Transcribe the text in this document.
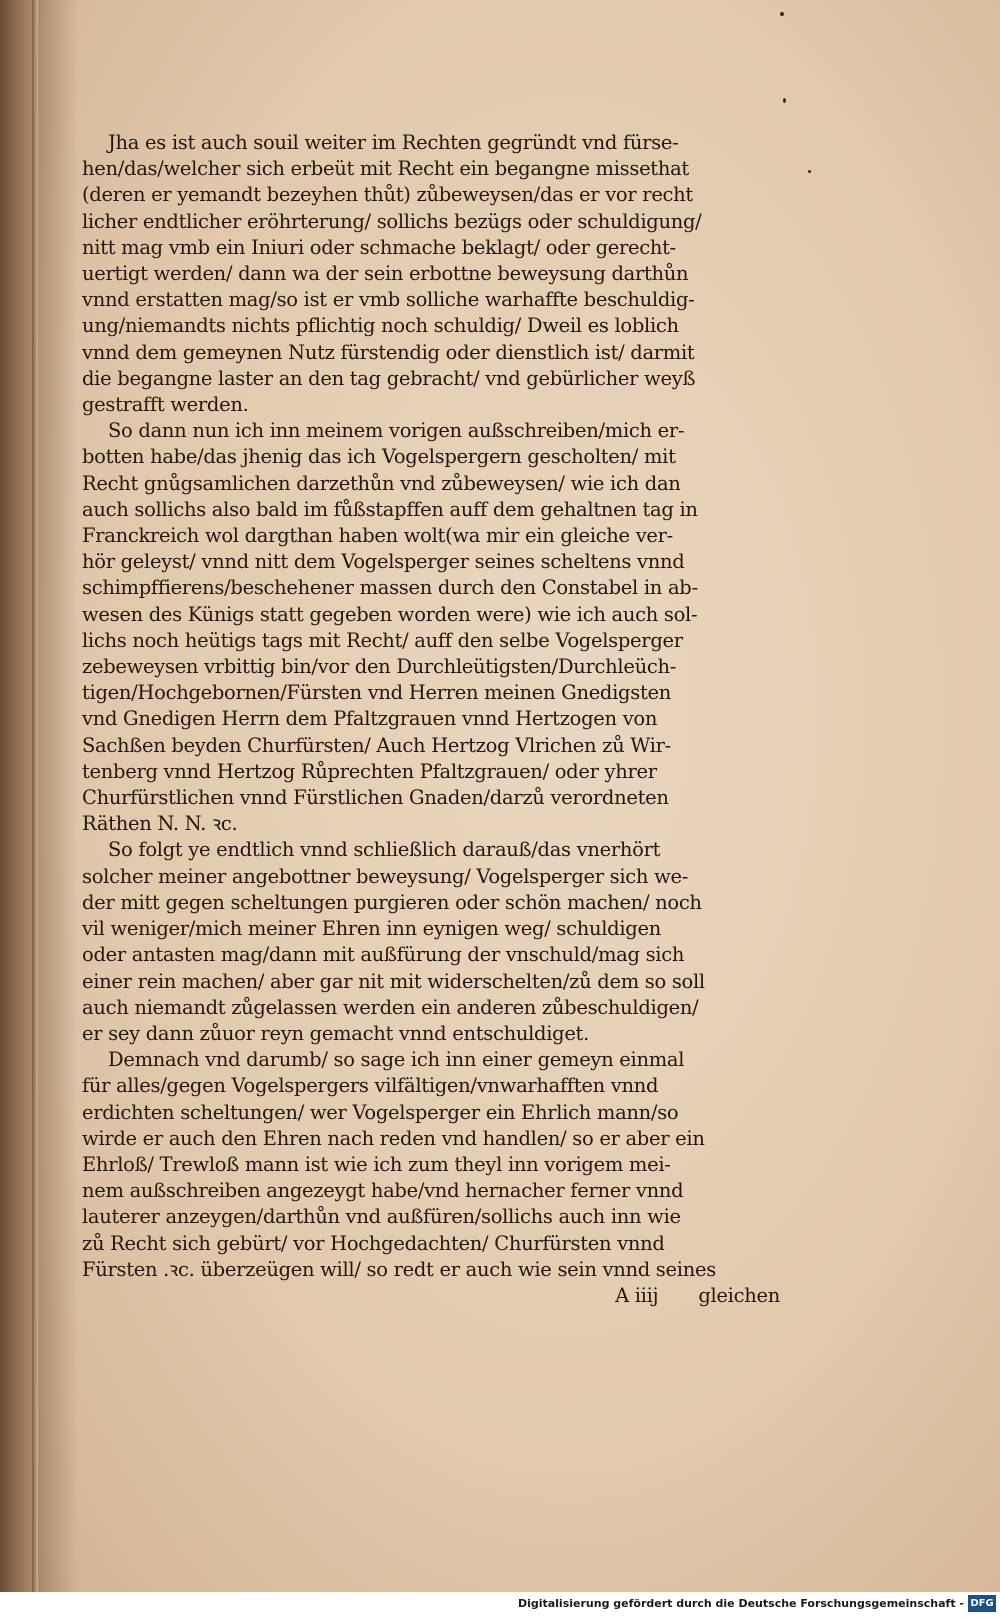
Jha es ist auch souil weiter im Rechten gegründt vnd fürse-
hen/das/welcher sich erbeüt mit Recht ein begangne missethat
(deren er yemandt bezeyhen thůt) zůbeweysen/das er vor recht
licher endtlicher eröhrterung/ sollichs bezügs oder schuldigung/
nitt mag vmb ein Iniuri oder schmache beklagt/ oder gerecht-
uertigt werden/ dann wa der sein erbottne beweysung darthůn
vnnd erstatten mag/so ist er vmb solliche warhaffte beschuldig-
ung/niemandts nichts pflichtig noch schuldig/ Dweil es loblich
vnnd dem gemeynen Nutz fürstendig oder dienstlich ist/ darmit
die begangne laster an den tag gebracht/ vnd gebürlicher weyß
gestrafft werden.
So dann nun ich inn meinem vorigen außschreiben/mich er-
botten habe/das jhenig das ich Vogelspergern gescholten/ mit
Recht gnůgsamlichen darzethůn vnd zůbeweysen/ wie ich dan
auch sollichs also bald im fůßstapffen auff dem gehaltnen tag in
Franckreich wol dargthan haben wolt(wa mir ein gleiche ver-
hör geleyst/ vnnd nitt dem Vogelsperger seines scheltens vnnd
schimpffierens/beschehener massen durch den Constabel in ab-
wesen des Künigs statt gegeben worden were) wie ich auch sol-
lichs noch heütigs tags mit Recht/ auff den selbe Vogelsperger
zebeweysen vrbittig bin/vor den Durchleütigsten/Durchleüch-
tigen/Hochgebornen/Fürsten vnd Herren meinen Gnedigsten
vnd Gnedigen Herrn dem Pfaltzgrauen vnnd Hertzogen von
Sachßen beyden Churfürsten/ Auch Hertzog Vlrichen zů Wir-
tenberg vnnd Hertzog Růprechten Pfaltzgrauen/ oder yhrer
Churfürstlichen vnnd Fürstlichen Gnaden/darzů verordneten
Räthen N. N. ꝛc.
So folgt ye endtlich vnnd schließlich darauß/das vnerhört
solcher meiner angebottner beweysung/ Vogelsperger sich we-
der mitt gegen scheltungen purgieren oder schön machen/ noch
vil weniger/mich meiner Ehren inn eynigen weg/ schuldigen
oder antasten mag/dann mit außfürung der vnschuld/mag sich
einer rein machen/ aber gar nit mit widerschelten/zů dem so soll
auch niemandt zůgelassen werden ein anderen zůbeschuldigen/
er sey dann zůuor reyn gemacht vnnd entschuldiget.
Demnach vnd darumb/ so sage ich inn einer gemeyn einmal
für alles/gegen Vogelspergers vilfältigen/vnwarhafften vnnd
erdichten scheltungen/ wer Vogelsperger ein Ehrlich mann/so
wirde er auch den Ehren nach reden vnd handlen/ so er aber ein
Ehrloß/ Trewloß mann ist wie ich zum theyl inn vorigem mei-
nem außschreiben angezeygt habe/vnd hernacher ferner vnnd
lauterer anzeygen/darthůn vnd außfüren/sollichs auch inn wie
zů Recht sich gebürt/ vor Hochgedachten/ Churfürsten vnnd
Fürsten .ꝛc. überzeügen will/ so redt er auch wie sein vnnd seines
A iiij gleichen
Digitalisierung gefördert durch die Deutsche Forschungsgemeinschaft - DFG
